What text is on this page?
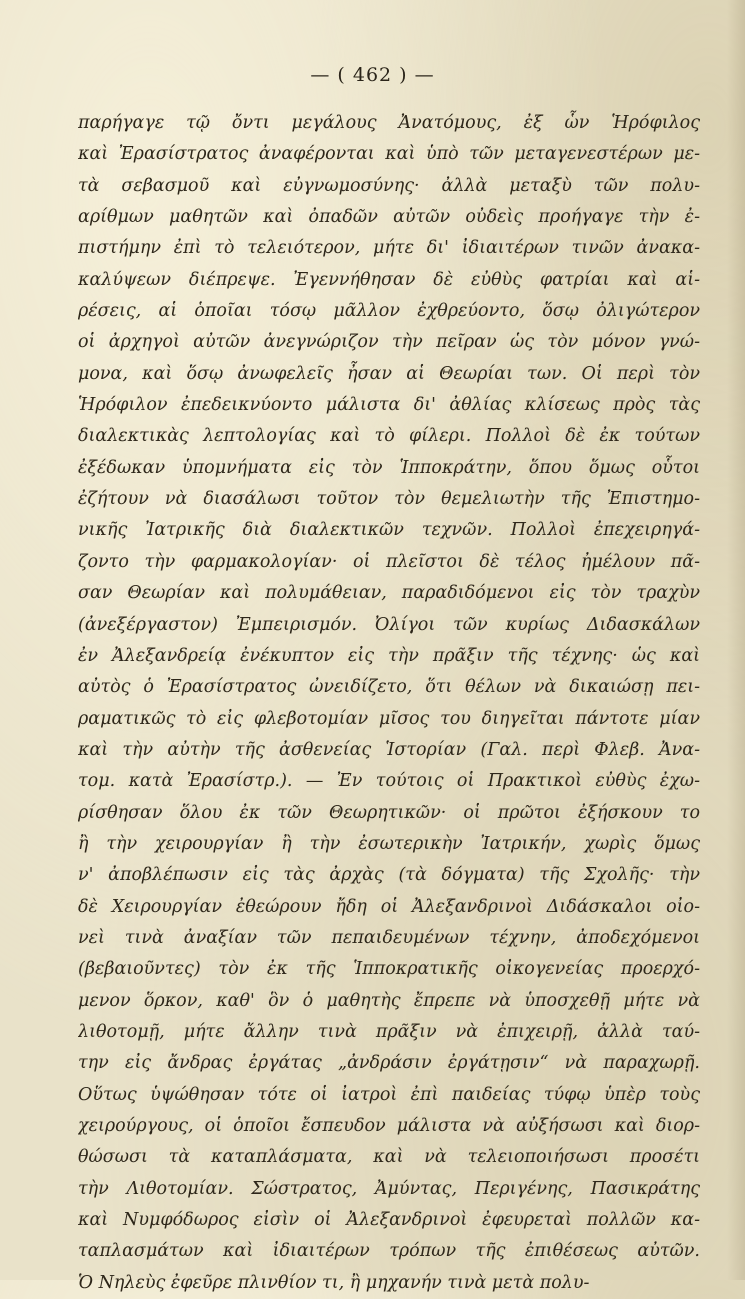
— ( 462 ) —
παρήγαγε τῷ ὄντι μεγάλους Ἀνατόμους, ἐξ ὧν Ἡρόφιλος
καὶ Ἐρασίστρατος ἀναφέρονται καὶ ὑπὸ τῶν μεταγενεστέρων με-
τὰ σεβασμοῦ καὶ εὐγνωμοσύνης· ἀλλὰ μεταξὺ τῶν πολυ-
αρίθμων μαθητῶν καὶ ὀπαδῶν αὐτῶν οὐδεὶς προήγαγε τὴν ἐ-
πιστήμην ἐπὶ τὸ τελειότερον, μήτε δι' ἰδιαιτέρων τινῶν ἀνακα-
καλύψεων διέπρεψε. Ἐγεννήθησαν δὲ εὐθὺς φατρίαι καὶ αἱ-
ρέσεις, αἱ ὁποῖαι τόσῳ μᾶλλον ἐχθρεύοντο, ὅσῳ ὀλιγώτερον
οἱ ἀρχηγοὶ αὐτῶν ἀνεγνώριζον τὴν πεῖραν ὡς τὸν μόνον γνώ-
μονα, καὶ ὅσῳ ἀνωφελεῖς ἦσαν αἱ Θεωρίαι των. Οἱ περὶ τὸν
Ἡρόφιλον ἐπεδεικνύοντο μάλιστα δι' ἀθλίας κλίσεως πρὸς τὰς
διαλεκτικὰς λεπτολογίας καὶ τὸ φίλερι. Πολλοὶ δὲ ἐκ τούτων
ἐξέδωκαν ὑπομνήματα εἰς τὸν Ἱπποκράτην, ὅπου ὅμως οὗτοι
ἐζήτουν νὰ διασάλωσι τοῦτον τὸν θεμελιωτὴν τῆς Ἐπιστημο-
νικῆς Ἰατρικῆς διὰ διαλεκτικῶν τεχνῶν. Πολλοὶ ἐπεχειρηγά-
ζοντο τὴν φαρμακολογίαν· οἱ πλεῖστοι δὲ τέλος ἠμέλουν πᾶ-
σαν Θεωρίαν καὶ πολυμάθειαν, παραδιδόμενοι εἰς τὸν τραχὺν
(ἀνεξέργαστον) Ἐμπειρισμόν. Ὀλίγοι τῶν κυρίως Διδασκάλων
ἐν Ἀλεξανδρείᾳ ἐνέκυπτον εἰς τὴν πρᾶξιν τῆς τέχνης· ὡς καὶ
αὐτὸς ὁ Ἐρασίστρατος ὠνειδίζετο, ὅτι θέλων νὰ δικαιώσῃ πει-
ραματικῶς τὸ εἰς φλεβοτομίαν μῖσος του διηγεῖται πάντοτε μίαν
καὶ τὴν αὐτὴν τῆς ἀσθενείας Ἱστορίαν (Γαλ. περὶ Φλεβ. Ἀνα-
τομ. κατὰ Ἐρασίστρ.). — Ἐν τούτοις οἱ Πρακτικοὶ εὐθὺς ἐχω-
ρίσθησαν ὅλου ἐκ τῶν Θεωρητικῶν· οἱ πρῶτοι ἐξήσκουν το
ἢ τὴν χειρουργίαν ἢ τὴν ἐσωτερικὴν Ἰατρικήν, χωρὶς ὅμως
ν' ἀποβλέπωσιν εἰς τὰς ἀρχὰς (τὰ δόγματα) τῆς Σχολῆς· τὴν
δὲ Χειρουργίαν ἐθεώρουν ἤδη οἱ Ἀλεξανδρινοὶ Διδάσκαλοι οἰο-
νεὶ τινὰ ἀναξίαν τῶν πεπαιδευμένων τέχνην, ἀποδεχόμενοι
(βεβαιοῦντες) τὸν ἐκ τῆς Ἱπποκρατικῆς οἰκογενείας προερχό-
μενον ὅρκον, καθ' ὃν ὁ μαθητὴς ἔπρεπε νὰ ὑποσχεθῇ μήτε νὰ
λιθοτομῇ, μήτε ἄλλην τινὰ πρᾶξιν νὰ ἐπιχειρῇ, ἀλλὰ ταύ-
την εἰς ἄνδρας ἐργάτας „ἀνδράσιν ἐργάτῃσιν“ νὰ παραχωρῇ.
Οὕτως ὑψώθησαν τότε οἱ ἰατροὶ ἐπὶ παιδείας τύφῳ ὑπὲρ τοὺς
χειρούργους, οἱ ὁποῖοι ἔσπευδον μάλιστα νὰ αὐξήσωσι καὶ διορ-
θώσωσι τὰ καταπλάσματα, καὶ νὰ τελειοποιήσωσι προσέτι
τὴν Λιθοτομίαν. Σώστρατος, Ἀμύντας, Περιγένης, Πασικράτης
καὶ Νυμφόδωρος εἰσὶν οἱ Ἀλεξανδρινοὶ ἐφευρεταὶ πολλῶν κα-
ταπλασμάτων καὶ ἰδιαιτέρων τρόπων τῆς ἐπιθέσεως αὐτῶν.
Ὁ Νηλεὺς ἐφεῦρε πλινθίον τι, ἢ μηχανήν τινὰ μετὰ πολυ-
